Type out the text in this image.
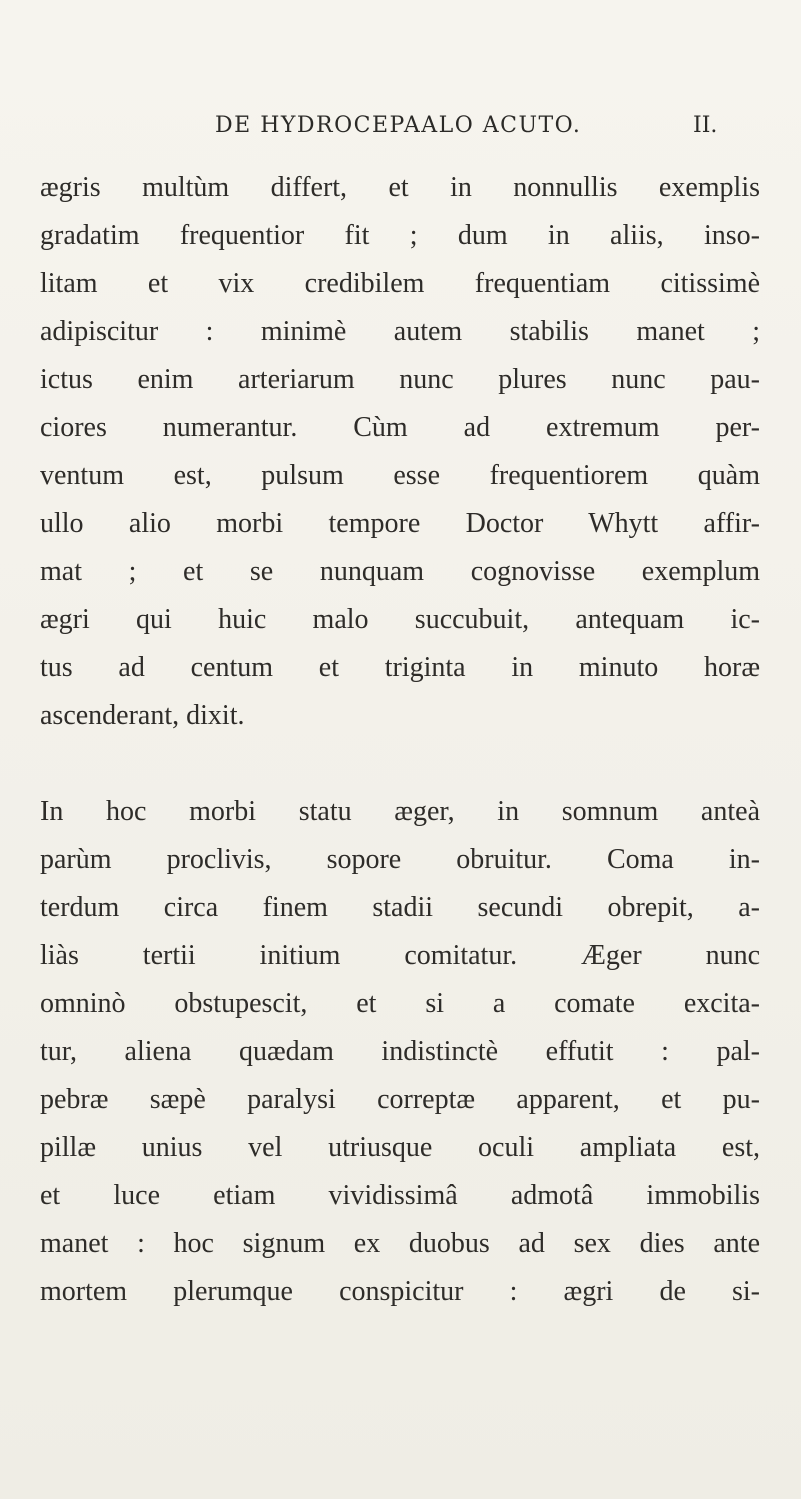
DE HYDROCEPAALO ACUTO.	II.
ægris multùm differt, et in nonnullis exemplis
gradatim frequentior fit ; dum in aliis, inso-
litam et vix credibilem frequentiam citissimè
adipiscitur : minimè autem stabilis manet ;
ictus enim arteriarum nunc plures nunc pau-
ciores numerantur. Cùm ad extremum per-
ventum est, pulsum esse frequentiorem quàm
ullo alio morbi tempore Doctor Whytt affir-
mat ; et se nunquam cognovisse exemplum
ægri qui huic malo succubuit, antequam ic-
tus ad centum et triginta in minuto horæ
ascenderant, dixit.
In hoc morbi statu æger, in somnum anteà
parùm proclivis, sopore obruitur. Coma in-
terdum circa finem stadii secundi obrepit, a-
liàs tertii initium comitatur. Æger nunc
omninò obstupescit, et si a comate excita-
tur, aliena quædam indistinctè effutit : pal-
pebræ sæpè paralysi correptæ apparent, et pu-
pillæ unius vel utriusque oculi ampliata est,
et luce etiam vividissimâ admotâ immobilis
manet : hoc signum ex duobus ad sex dies ante
mortem plerumque conspicitur : ægri de si-
